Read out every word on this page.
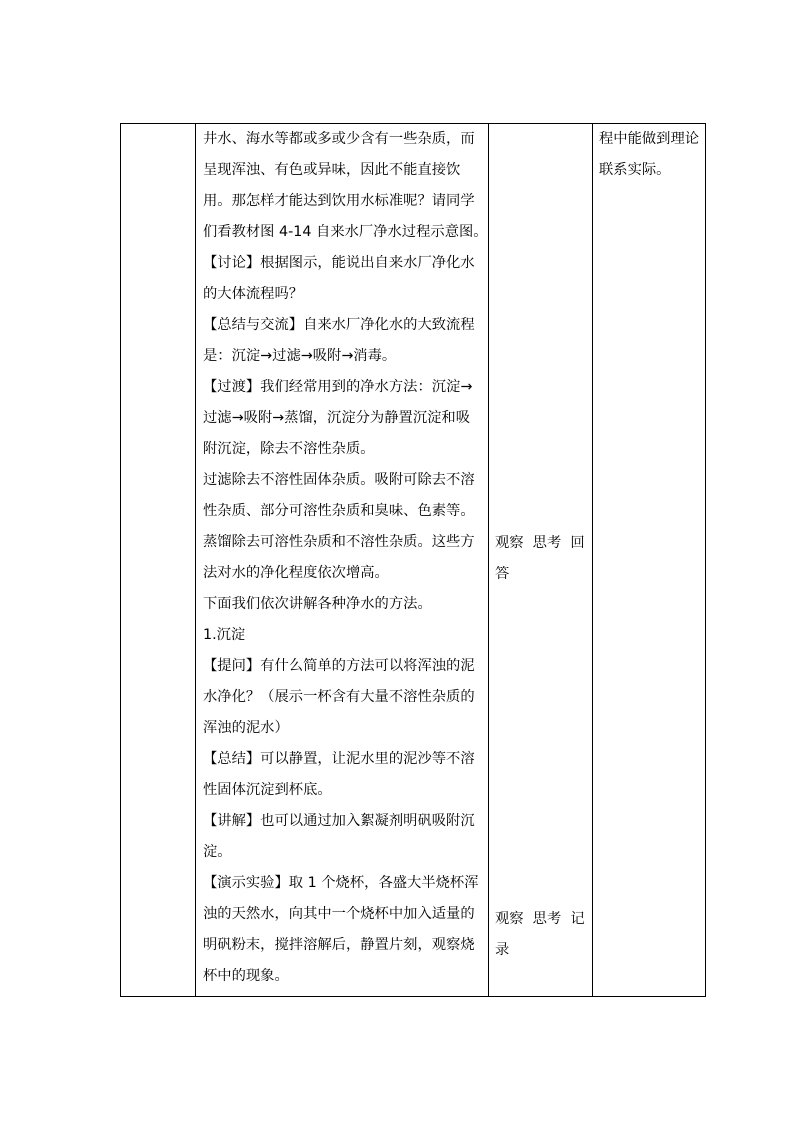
井水、海水等都或多或少含有一些杂质，而
呈现浑浊、有色或异味，因此不能直接饮
用。那怎样才能达到饮用水标准呢？请同学
们看教材图 4-14 自来水厂净水过程示意图。
【讨论】根据图示，能说出自来水厂净化水
的大体流程吗？
【总结与交流】自来水厂净化水的大致流程
是：沉淀→过滤→吸附→消毒。
【过渡】我们经常用到的净水方法：沉淀→
过滤→吸附→蒸馏，沉淀分为静置沉淀和吸
附沉淀，除去不溶性杂质。
过滤除去不溶性固体杂质。吸附可除去不溶
性杂质、部分可溶性杂质和臭味、色素等。
蒸馏除去可溶性杂质和不溶性杂质。这些方
法对水的净化程度依次增高。
下面我们依次讲解各种净水的方法。
1.沉淀
【提问】有什么简单的方法可以将浑浊的泥
水净化？（展示一杯含有大量不溶性杂质的
浑浊的泥水）
【总结】可以静置，让泥水里的泥沙等不溶
性固体沉淀到杯底。
【讲解】也可以通过加入絮凝剂明矾吸附沉
淀。
【演示实验】取 1 个烧杯，各盛大半烧杯浑
浊的天然水，向其中一个烧杯中加入适量的
明矾粉末，搅拌溶解后，静置片刻，观察烧
杯中的现象。
观察  思考  回
答
观察  思考  记
录
程中能做到理论
联系实际。
